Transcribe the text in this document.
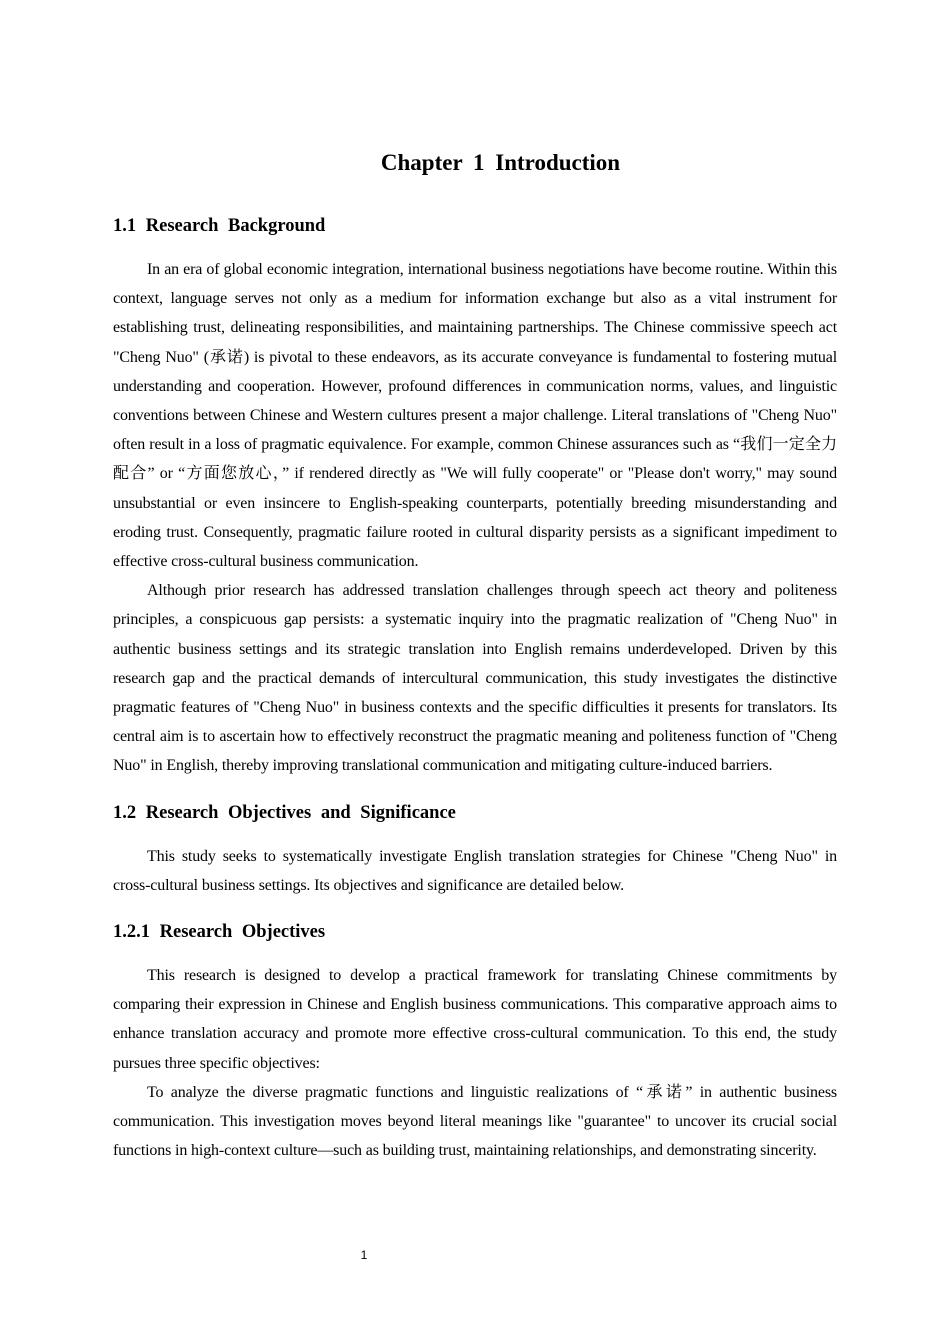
Chapter 1 Introduction
1.1 Research Background

In an era of global economic integration, international business negotiations have become routine. Within this context, language serves not only as a medium for information exchange but also as a vital instrument for establishing trust, delineating responsibilities, and maintaining partnerships. The Chinese commissive speech act "Cheng Nuo" (承诺) is pivotal to these endeavors, as its accurate conveyance is fundamental to fostering mutual understanding and cooperation. However, profound differences in communication norms, values, and linguistic conventions between Chinese and Western cultures present a major challenge. Literal translations of "Cheng Nuo" often result in a loss of pragmatic equivalence. For example, common Chinese assurances such as “我们一定全力配合” or “方面您放心，” if rendered directly as "We will fully cooperate" or "Please don't worry," may sound unsubstantial or even insincere to English-speaking counterparts, potentially breeding misunderstanding and eroding trust. Consequently, pragmatic failure rooted in cultural disparity persists as a significant impediment to effective cross-cultural business communication.

Although prior research has addressed translation challenges through speech act theory and politeness principles, a conspicuous gap persists: a systematic inquiry into the pragmatic realization of "Cheng Nuo" in authentic business settings and its strategic translation into English remains underdeveloped. Driven by this research gap and the practical demands of intercultural communication, this study investigates the distinctive pragmatic features of "Cheng Nuo" in business contexts and the specific difficulties it presents for translators. Its central aim is to ascertain how to effectively reconstruct the pragmatic meaning and politeness function of "Cheng Nuo" in English, thereby improving translational communication and mitigating culture-induced barriers.

1.2 Research Objectives and Significance

This study seeks to systematically investigate English translation strategies for Chinese "Cheng Nuo" in cross-cultural business settings. Its objectives and significance are detailed below.

1.2.1 Research Objectives

This research is designed to develop a practical framework for translating Chinese commitments by comparing their expression in Chinese and English business communications. This comparative approach aims to enhance translation accuracy and promote more effective cross-cultural communication. To this end, the study pursues three specific objectives:

To analyze the diverse pragmatic functions and linguistic realizations of “承诺” in authentic business communication. This investigation moves beyond literal meanings like "guarantee" to uncover its crucial social functions in high-context culture—such as building trust, maintaining relationships, and demonstrating sincerity.

1
